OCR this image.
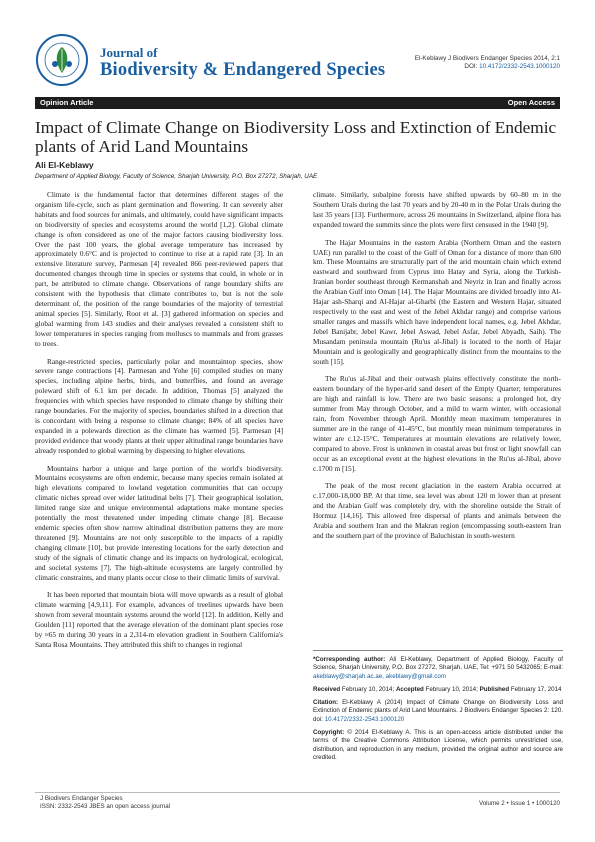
Journal of
Biodiversity & Endangered Species
El-Keblawy J Biodivers Endanger Species 2014, 2:1
DOI: 10.4172/2332-2543.1000120
Opinion Article	Open Access
Impact of Climate Change on Biodiversity Loss and Extinction of Endemic plants of Arid Land Mountains
Ali El-Keblawy
Department of Applied Biology, Faculty of Science, Sharjah University, P.O. Box 27272, Sharjah, UAE

Climate is the fundamental factor that determines different stages of the organism life-cycle, such as plant germination and flowering. It can severely alter habitats and food sources for animals, and ultimately, could have significant impacts on biodiversity of species and ecosystems around the world [1,2]. Global climate change is often considered as one of the major factors causing biodiversity loss. Over the past 100 years, the global average temperature has increased by approximately 0.6°C and is projected to continue to rise at a rapid rate [3]. In an extensive literature survey, Parmesan [4] revealed 866 peer-reviewed papers that documented changes through time in species or systems that could, in whole or in part, be attributed to climate change. Observations of range boundary shifts are consistent with the hypothesis that climate contributes to, but is not the sole determinant of, the position of the range boundaries of the majority of terrestrial animal species [5]. Similarly, Root et al. [3] gathered information on species and global warming from 143 studies and their analyses revealed a consistent shift to lower temperatures in species ranging from molluscs to mammals and from grasses to trees.

Range-restricted species, particularly polar and mountaintop species, show severe range contractions [4]. Parmesan and Yohe [6] compiled studies on many species, including alpine herbs, birds, and butterflies, and found an average poleward shift of 6.1 km per decade. In addition, Thomas [5] analyzed the frequencies with which species have responded to climate change by shifting their range boundaries. For the majority of species, boundaries shifted in a direction that is concordant with being a response to climate change; 84% of all species have expanded in a polewards direction as the climate has warmed [5]. Parmesan [4] provided evidence that woody plants at their upper altitudinal range boundaries have already responded to global warming by dispersing to higher elevations.

Mountains harbor a unique and large portion of the world's biodiversity. Mountains ecosystems are often endemic, because many species remain isolated at high elevations compared to lowland vegetation communities that can occupy climatic niches spread over wider latitudinal belts [7]. Their geographical isolation, limited range size and unique environmental adaptations make montane species potentially the most threatened under impeding climate change [8]. Because endemic species often show narrow altitudinal distribution patterns they are more threatened [9]. Mountains are not only susceptible to the impacts of a rapidly changing climate [10], but provide interesting locations for the early detection and study of the signals of climatic change and its impacts on hydrological, ecological, and societal systems [7]. The high-altitude ecosystems are largely controlled by climatic constraints, and many plants occur close to their climatic limits of survival.

It has been reported that mountain biota will move upwards as a result of global climate warming [4,9,11]. For example, advances of treelines upwards have been shown from several mountain systems around the world [12]. In addition, Kelly and Goulden [11] reported that the average elevation of the dominant plant species rose by ≈65 m during 30 years in a 2,314-m elevation gradient in Southern California's Santa Rosa Mountains. They attributed this shift to changes in regional

climate. Similarly, subalpine forests have shifted upwards by 60–80 m in the Southern Urals during the last 70 years and by 20-40 m in the Polar Urals during the last 35 years [13]. Furthermore, across 26 mountains in Switzerland, alpine flora has expanded toward the summits since the plots were first censused in the 1940 [9].

The Hajar Mountains in the eastern Arabia (Northern Oman and the eastern UAE) run parallel to the coast of the Gulf of Oman for a distance of more than 600 km. These Mountains are structurally part of the arid mountain chain which extend eastward and southward from Cyprus into Hatay and Syria, along the Turkish- Iranian border southeast through Kermanshah and Neyriz in Iran and finally across the Arabian Gulf into Oman [14]. The Hajar Mountains are divided broadly into Al-Hajar ash-Sharqi and Al-Hajar al-Gharbi (the Eastern and Western Hajar, situated respectively to the east and west of the Jebel Akhdar range) and comprise various smaller ranges and massifs which have independent local names, e.g. Jebel Akhdar, Jebel Banijabr, Jebel Kawr, Jebel Aswad, Jebel Asfar, Jebel Abyadh, Saih). The Musandam peninsula mountain (Ru'us al-Jibal) is located to the north of Hajar Mountain and is geologically and geographically distinct from the mountains to the south [15].

The Ru'us al-Jibal and their outwash plains effectively constitute the north-eastern boundary of the hyper-arid sand desert of the Empty Quarter; temperatures are high and rainfall is low. There are two basic seasons: a prolonged hot, dry summer from May through October, and a mild to warm winter, with occasional rain, from November through April. Monthly mean maximum temperatures in summer are in the range of 41-45°C, but monthly mean minimum temperatures in winter are c.12-15°C. Temperatures at mountain elevations are relatively lower, compared to above. Frost is unknown in coastal areas but frost or light snowfall can occur as an exceptional event at the highest elevations in the Ru'us al-Jibal, above c.1700 m [15].

The peak of the most recent glaciation in the eastern Arabia occurred at c.17,000-18,000 BP. At that time, sea level was about 120 m lower than at present and the Arabian Gulf was completely dry, with the shoreline outside the Strait of Hormuz [14,16]. This allowed free dispersal of plants and animals between the Arabia and southern Iran and the Makran region (encompassing south-eastern Iran and the southern part of the province of Baluchistan in south-western

*Corresponding author: Ali El-Keblawy, Department of Applied Biology, Faculty of Science, Sharjah University, P.O. Box 27272, Sharjah, UAE, Tel: +971 50 5432065; E-mail: akeblawy@sharjah.ac.ae, akeblawy@gmail.com

Received February 10, 2014; Accepted February 10, 2014; Published February 17, 2014

Citation: El-Keblawy A (2014) Impact of Climate Change on Biodiversity Loss and Extinction of Endemic plants of Arid Land Mountains. J Biodivers Endanger Species 2: 120. doi: 10.4172/2332-2543.1000120

Copyright: © 2014 El-Keblawy A. This is an open-access article distributed under the terms of the Creative Commons Attribution License, which permits unrestricted use, distribution, and reproduction in any medium, provided the original author and source are credited.

J Biodivers Endanger Species
ISSN: 2332-2543 JBES an open access journal	Volume 2 • Issue 1 • 1000120
